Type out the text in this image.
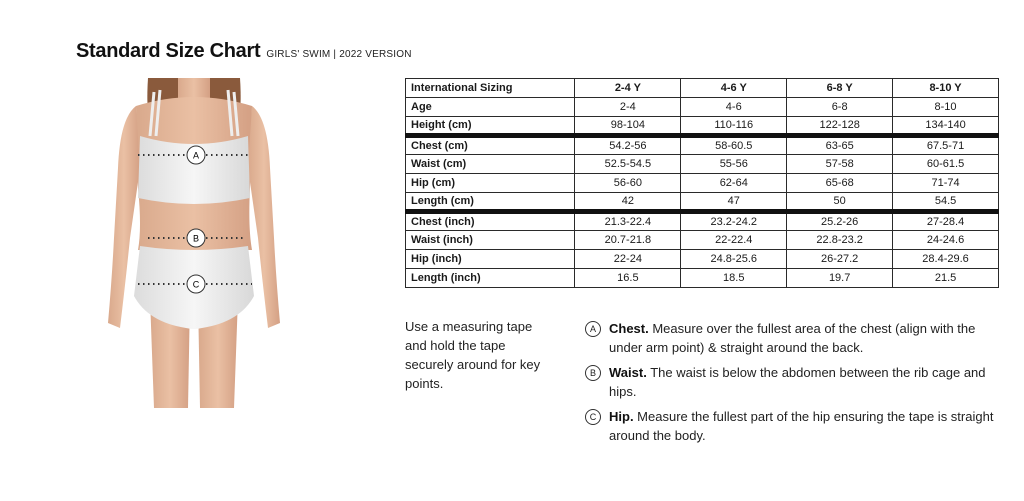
Standard Size Chart GIRLS' SWIM | 2022 VERSION
A
B
C
International Sizing	2-4 Y	4-6 Y	6-8 Y	8-10 Y
Age	2-4	4-6	6-8	8-10
Height (cm)	98-104	110-116	122-128	134-140
Chest (cm)	54.2-56	58-60.5	63-65	67.5-71
Waist (cm)	52.5-54.5	55-56	57-58	60-61.5
Hip (cm)	56-60	62-64	65-68	71-74
Length (cm)	42	47	50	54.5
Chest (inch)	21.3-22.4	23.2-24.2	25.2-26	27-28.4
Waist (inch)	20.7-21.8	22-22.4	22.8-23.2	24-24.6
Hip (inch)	22-24	24.8-25.6	26-27.2	28.4-29.6
Length (inch)	16.5	18.5	19.7	21.5

Use a measuring tape and hold the tape securely around for key points.

A	Chest. Measure over the fullest area of the chest (align with the under arm point) & straight around the back.
B	Waist. The waist is below the abdomen between the rib cage and hips.
C Hip. Measure the fullest part of the hip ensuring the tape is straight around the body.
